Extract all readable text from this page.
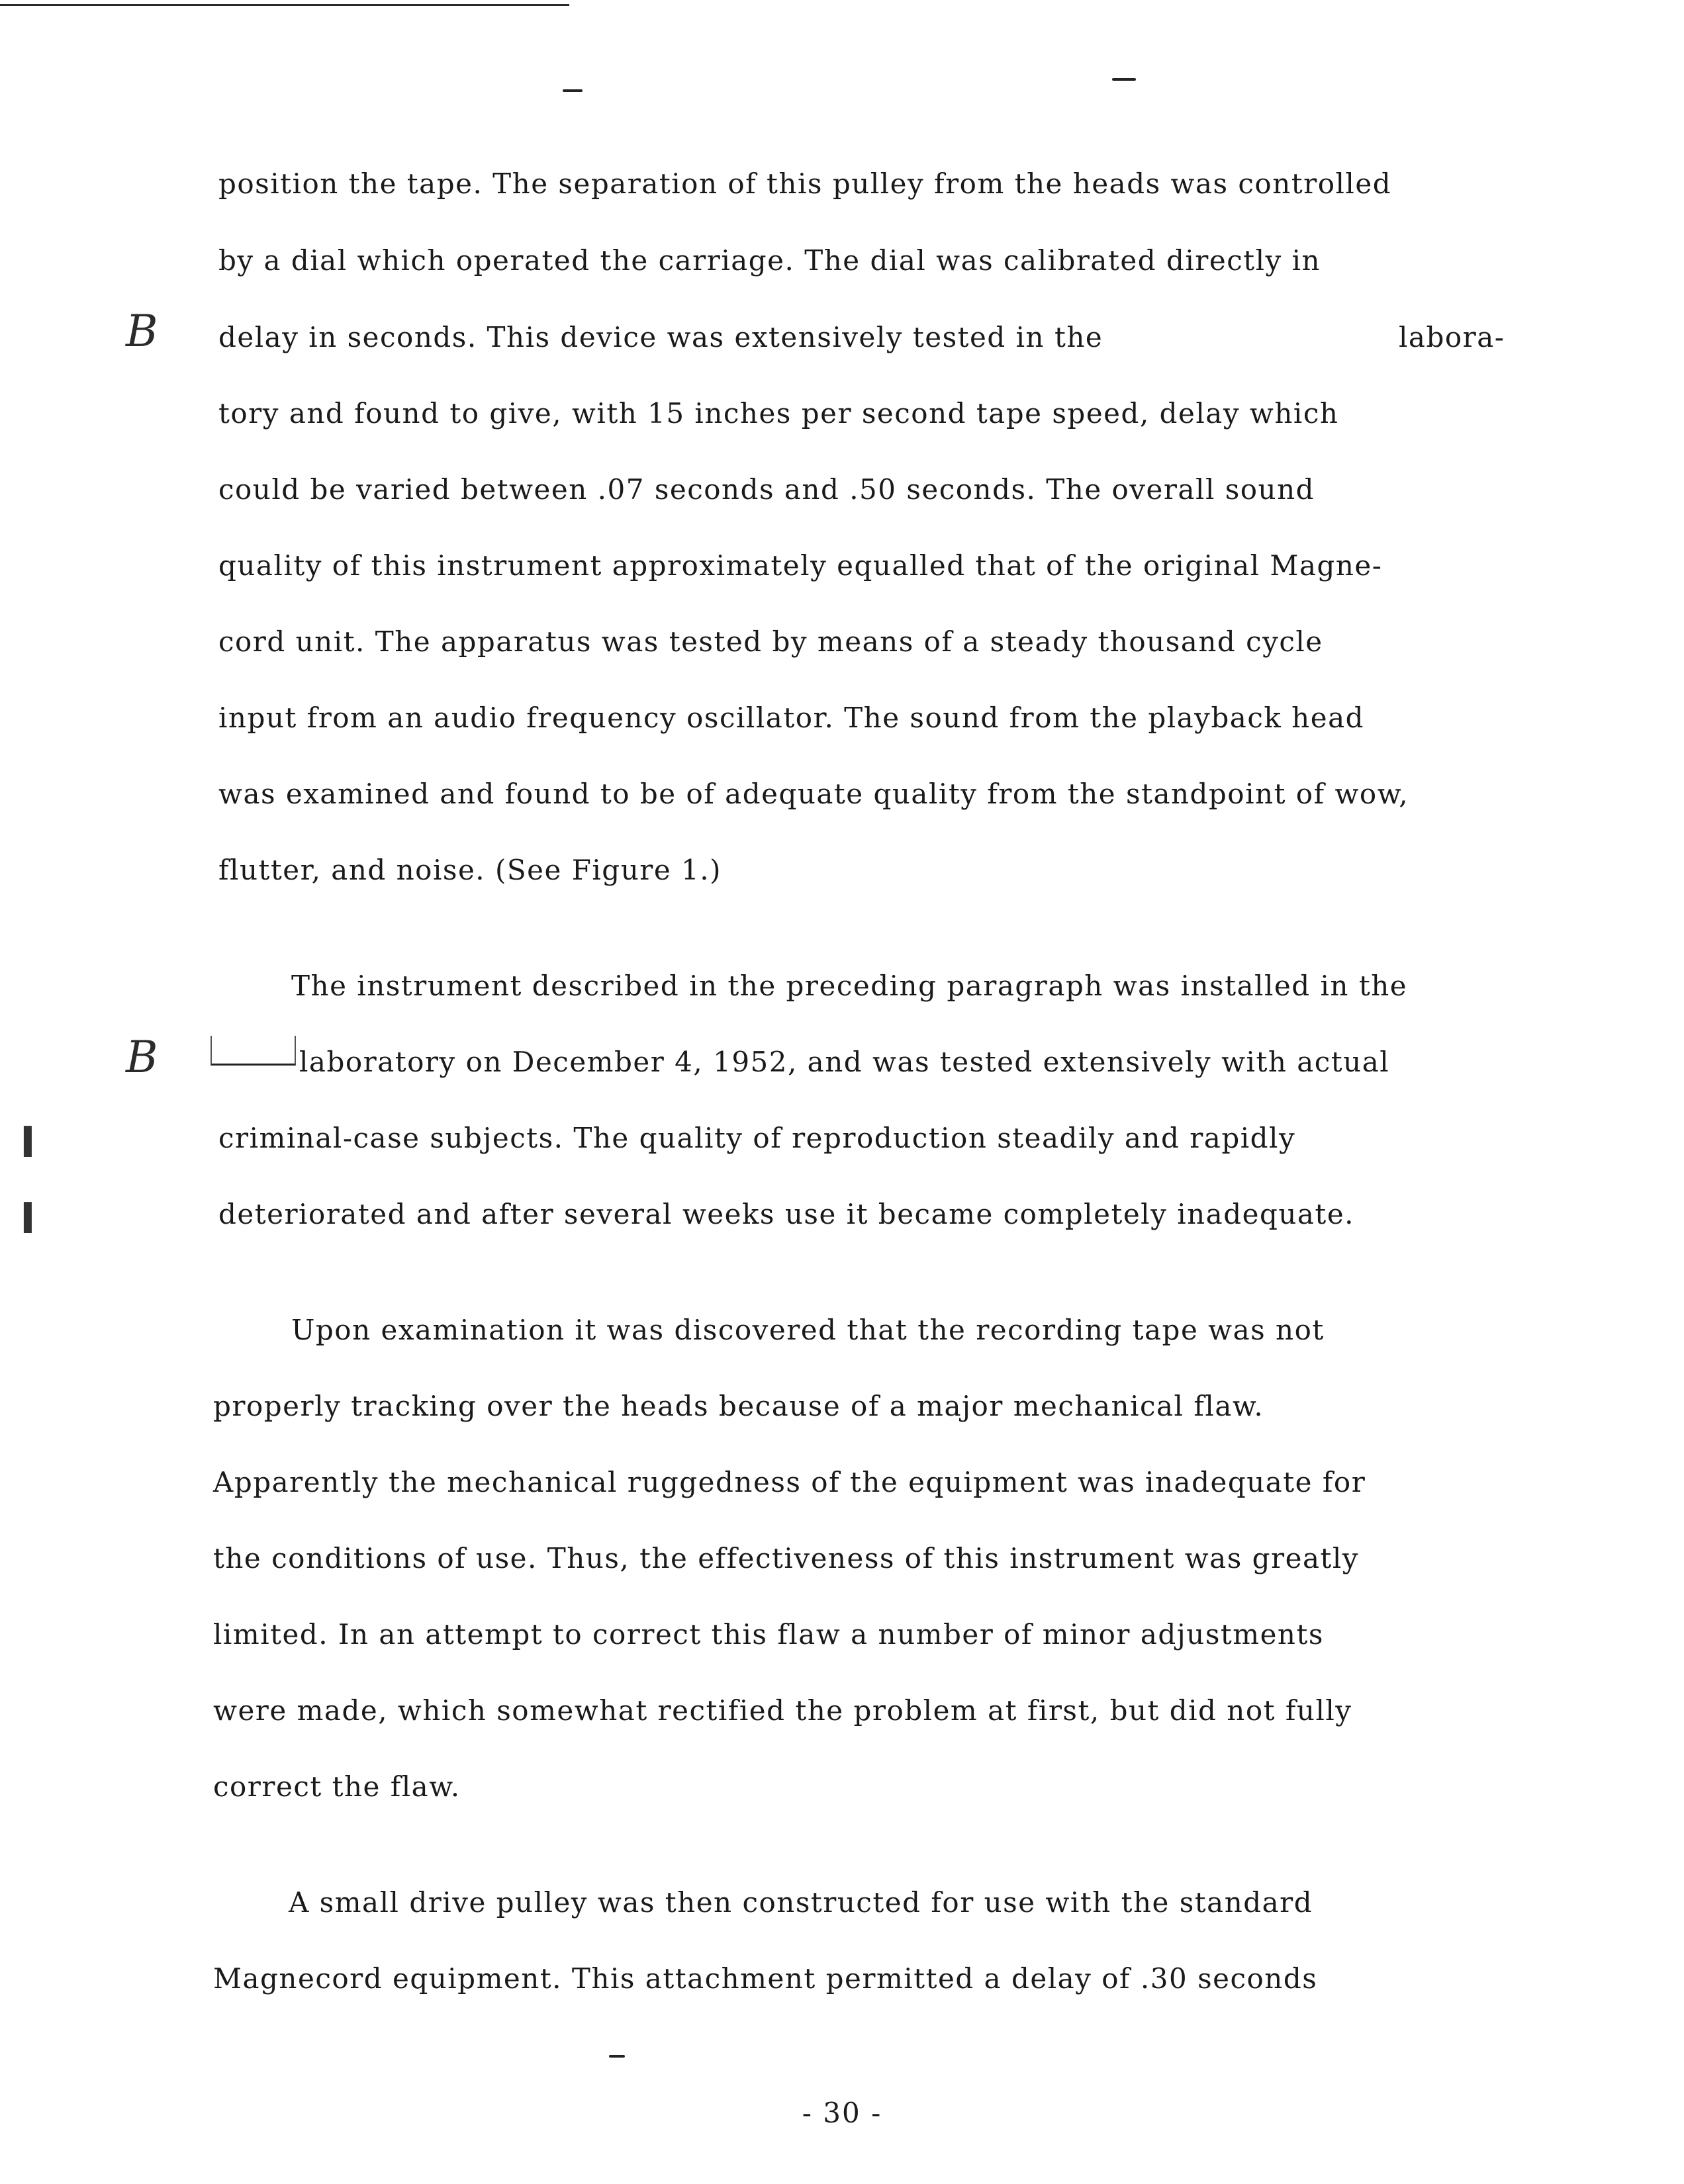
position the tape. The separation of this pulley from the heads was controlled
by a dial which operated the carriage. The dial was calibrated directly in
delay in seconds. This device was extensively tested in the	labora-
tory and found to give, with 15 inches per second tape speed, delay which
could be varied between .07 seconds and .50 seconds. The overall sound
quality of this instrument approximately equalled that of the original Magne-
cord unit. The apparatus was tested by means of a steady thousand cycle
input from an audio frequency oscillator. The sound from the playback head
was examined and found to be of adequate quality from the standpoint of wow,
flutter, and noise. (See Figure 1.)
The instrument described in the preceding paragraph was installed in the
laboratory on December 4, 1952, and was tested extensively with actual
criminal-case subjects. The quality of reproduction steadily and rapidly
deteriorated and after several weeks use it became completely inadequate.
Upon examination it was discovered that the recording tape was not
properly tracking over the heads because of a major mechanical flaw.
Apparently the mechanical ruggedness of the equipment was inadequate for
the conditions of use. Thus, the effectiveness of this instrument was greatly
limited. In an attempt to correct this flaw a number of minor adjustments
were made, which somewhat rectified the problem at first, but did not fully
correct the flaw.
A small drive pulley was then constructed for use with the standard
Magnecord equipment. This attachment permitted a delay of .30 seconds
B
B
I
I
- 30 -
